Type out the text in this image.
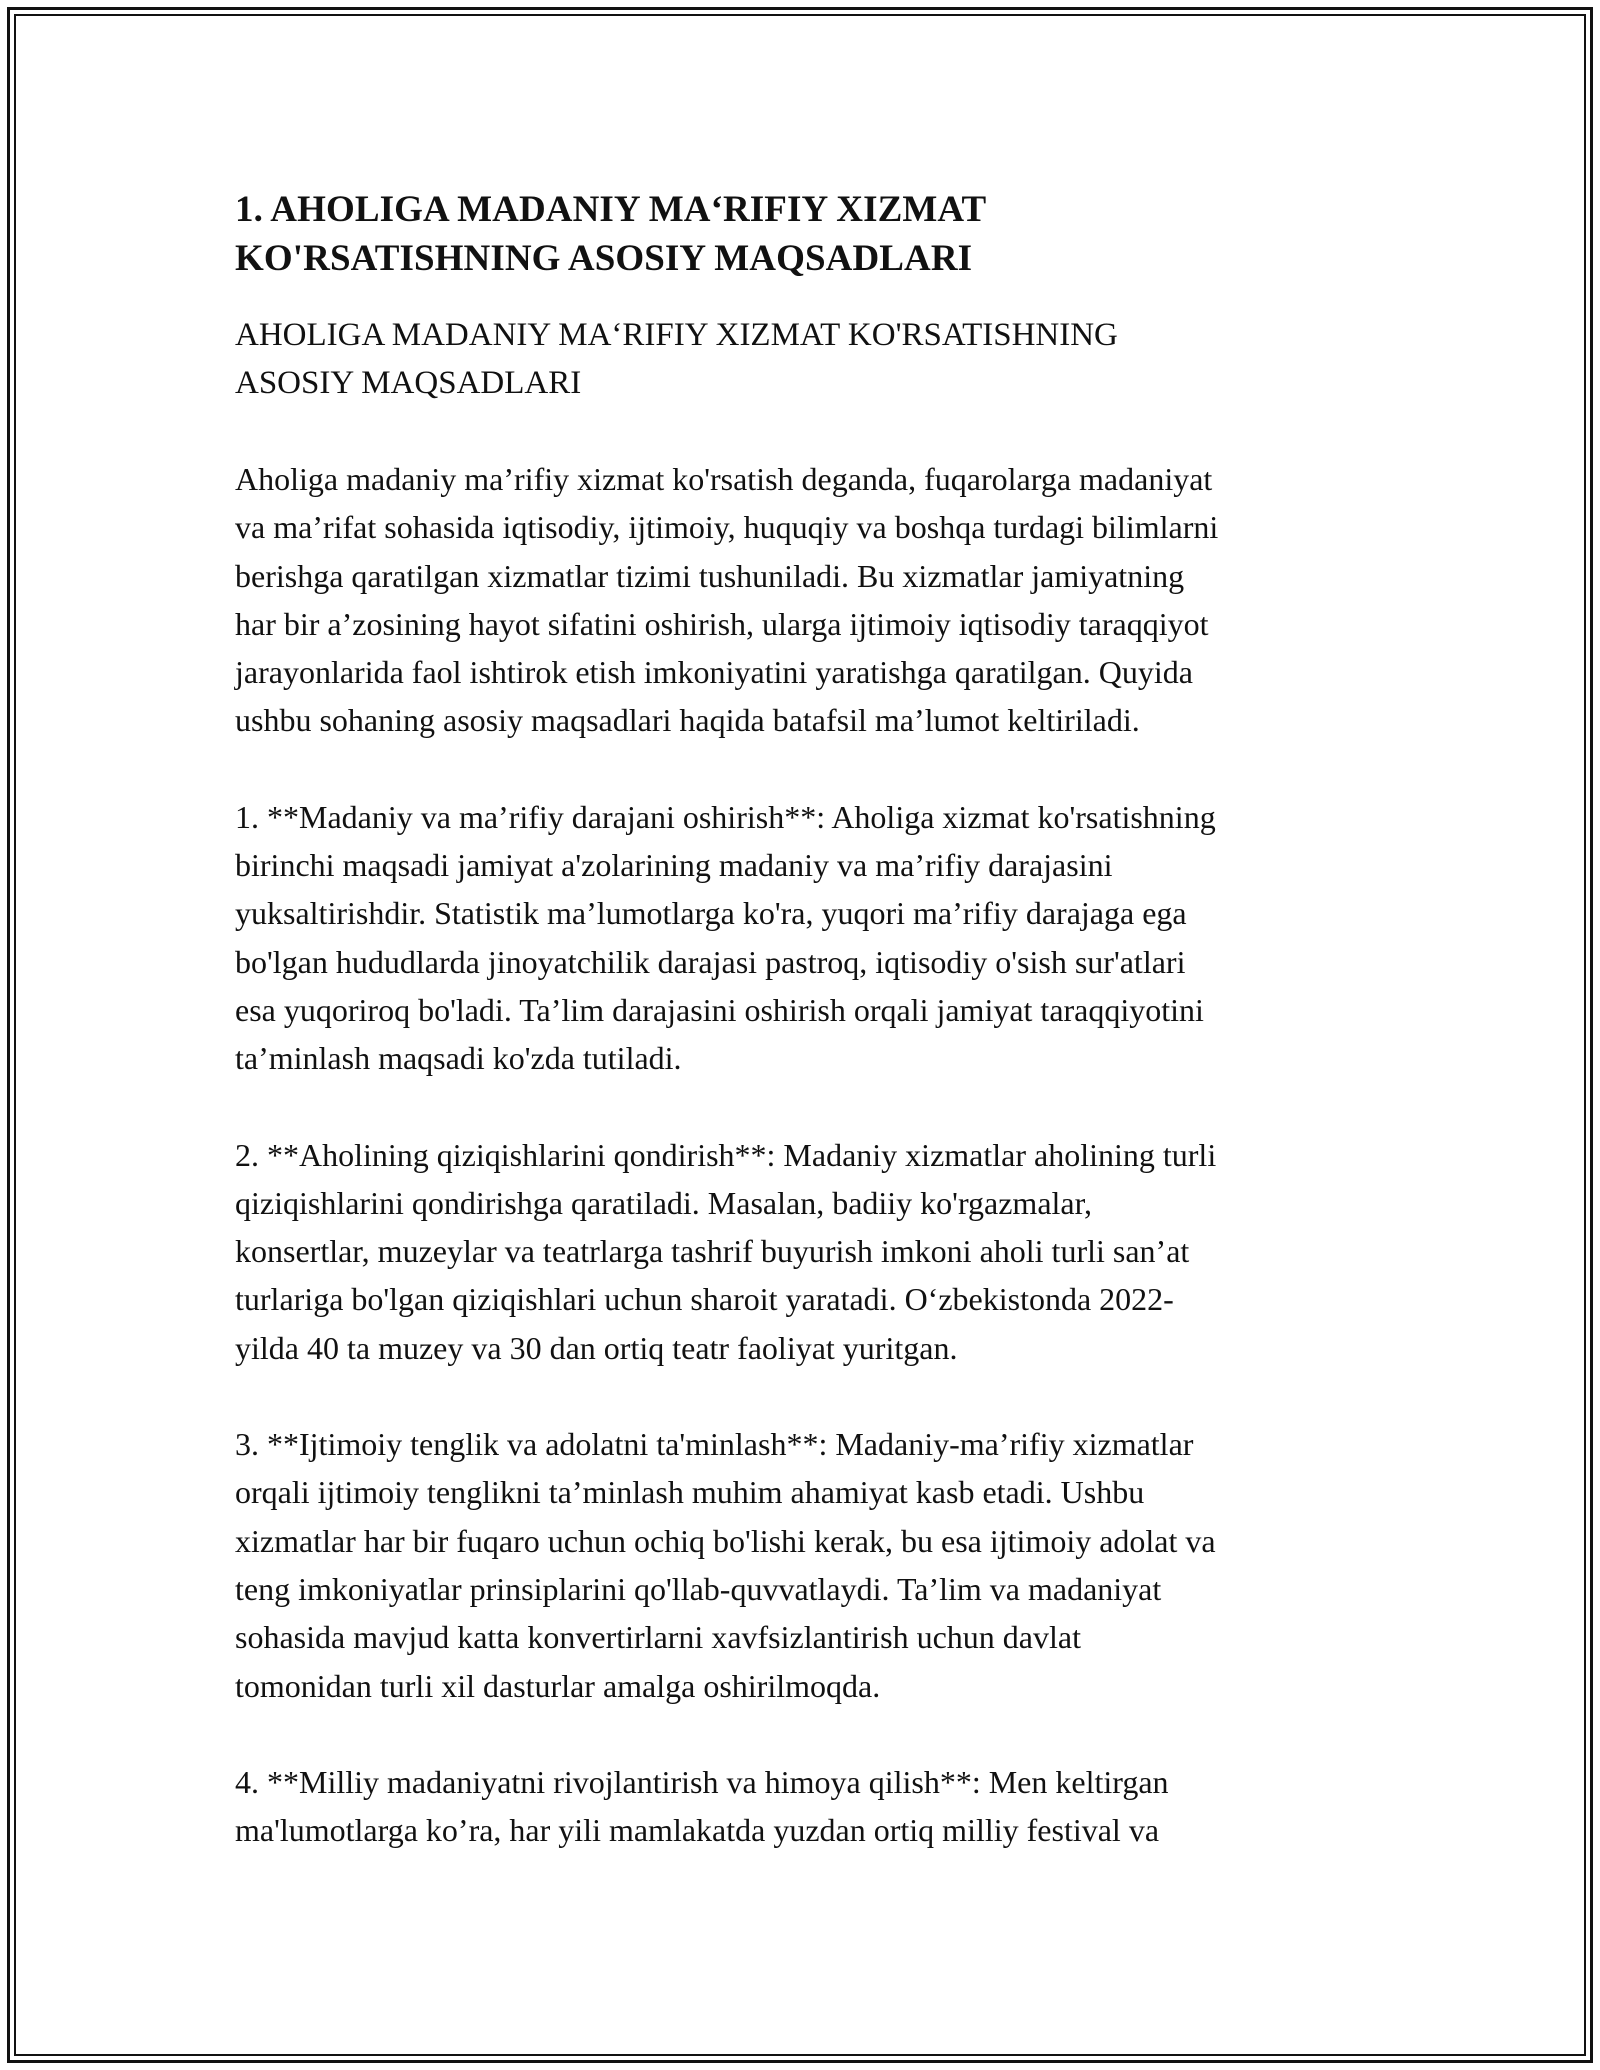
1. AHOLIGA MADANIY MA‘RIFIY XIZMAT
KO'RSATISHNING ASOSIY MAQSADLARI
AHOLIGA MADANIY MA‘RIFIY XIZMAT KO'RSATISHNING
ASOSIY MAQSADLARI

Aholiga madaniy ma’rifiy xizmat ko'rsatish deganda, fuqarolarga madaniyat
va ma’rifat sohasida iqtisodiy, ijtimoiy, huquqiy va boshqa turdagi bilimlarni
berishga qaratilgan xizmatlar tizimi tushuniladi. Bu xizmatlar jamiyatning
har bir a’zosining hayot sifatini oshirish, ularga ijtimoiy iqtisodiy taraqqiyot
jarayonlarida faol ishtirok etish imkoniyatini yaratishga qaratilgan. Quyida
ushbu sohaning asosiy maqsadlari haqida batafsil ma’lumot keltiriladi.

1. **Madaniy va ma’rifiy darajani oshirish**: Aholiga xizmat ko'rsatishning
birinchi maqsadi jamiyat a'zolarining madaniy va ma’rifiy darajasini
yuksaltirishdir. Statistik ma’lumotlarga ko'ra, yuqori ma’rifiy darajaga ega
bo'lgan hududlarda jinoyatchilik darajasi pastroq, iqtisodiy o'sish sur'atlari
esa yuqoriroq bo'ladi. Ta’lim darajasini oshirish orqali jamiyat taraqqiyotini
ta’minlash maqsadi ko'zda tutiladi.

2. **Aholining qiziqishlarini qondirish**: Madaniy xizmatlar aholining turli
qiziqishlarini qondirishga qaratiladi. Masalan, badiiy ko'rgazmalar,
konsertlar, muzeylar va teatrlarga tashrif buyurish imkoni aholi turli san’at
turlariga bo'lgan qiziqishlari uchun sharoit yaratadi. O‘zbekistonda 2022-
yilda 40 ta muzey va 30 dan ortiq teatr faoliyat yuritgan.

3. **Ijtimoiy tenglik va adolatni ta'minlash**: Madaniy-ma’rifiy xizmatlar
orqali ijtimoiy tenglikni ta’minlash muhim ahamiyat kasb etadi. Ushbu
xizmatlar har bir fuqaro uchun ochiq bo'lishi kerak, bu esa ijtimoiy adolat va
teng imkoniyatlar prinsiplarini qo'llab-quvvatlaydi. Ta’lim va madaniyat
sohasida mavjud katta konvertirlarni xavfsizlantirish uchun davlat
tomonidan turli xil dasturlar amalga oshirilmoqda.

4. **Milliy madaniyatni rivojlantirish va himoya qilish**: Men keltirgan
ma'lumotlarga ko’ra, har yili mamlakatda yuzdan ortiq milliy festival va
